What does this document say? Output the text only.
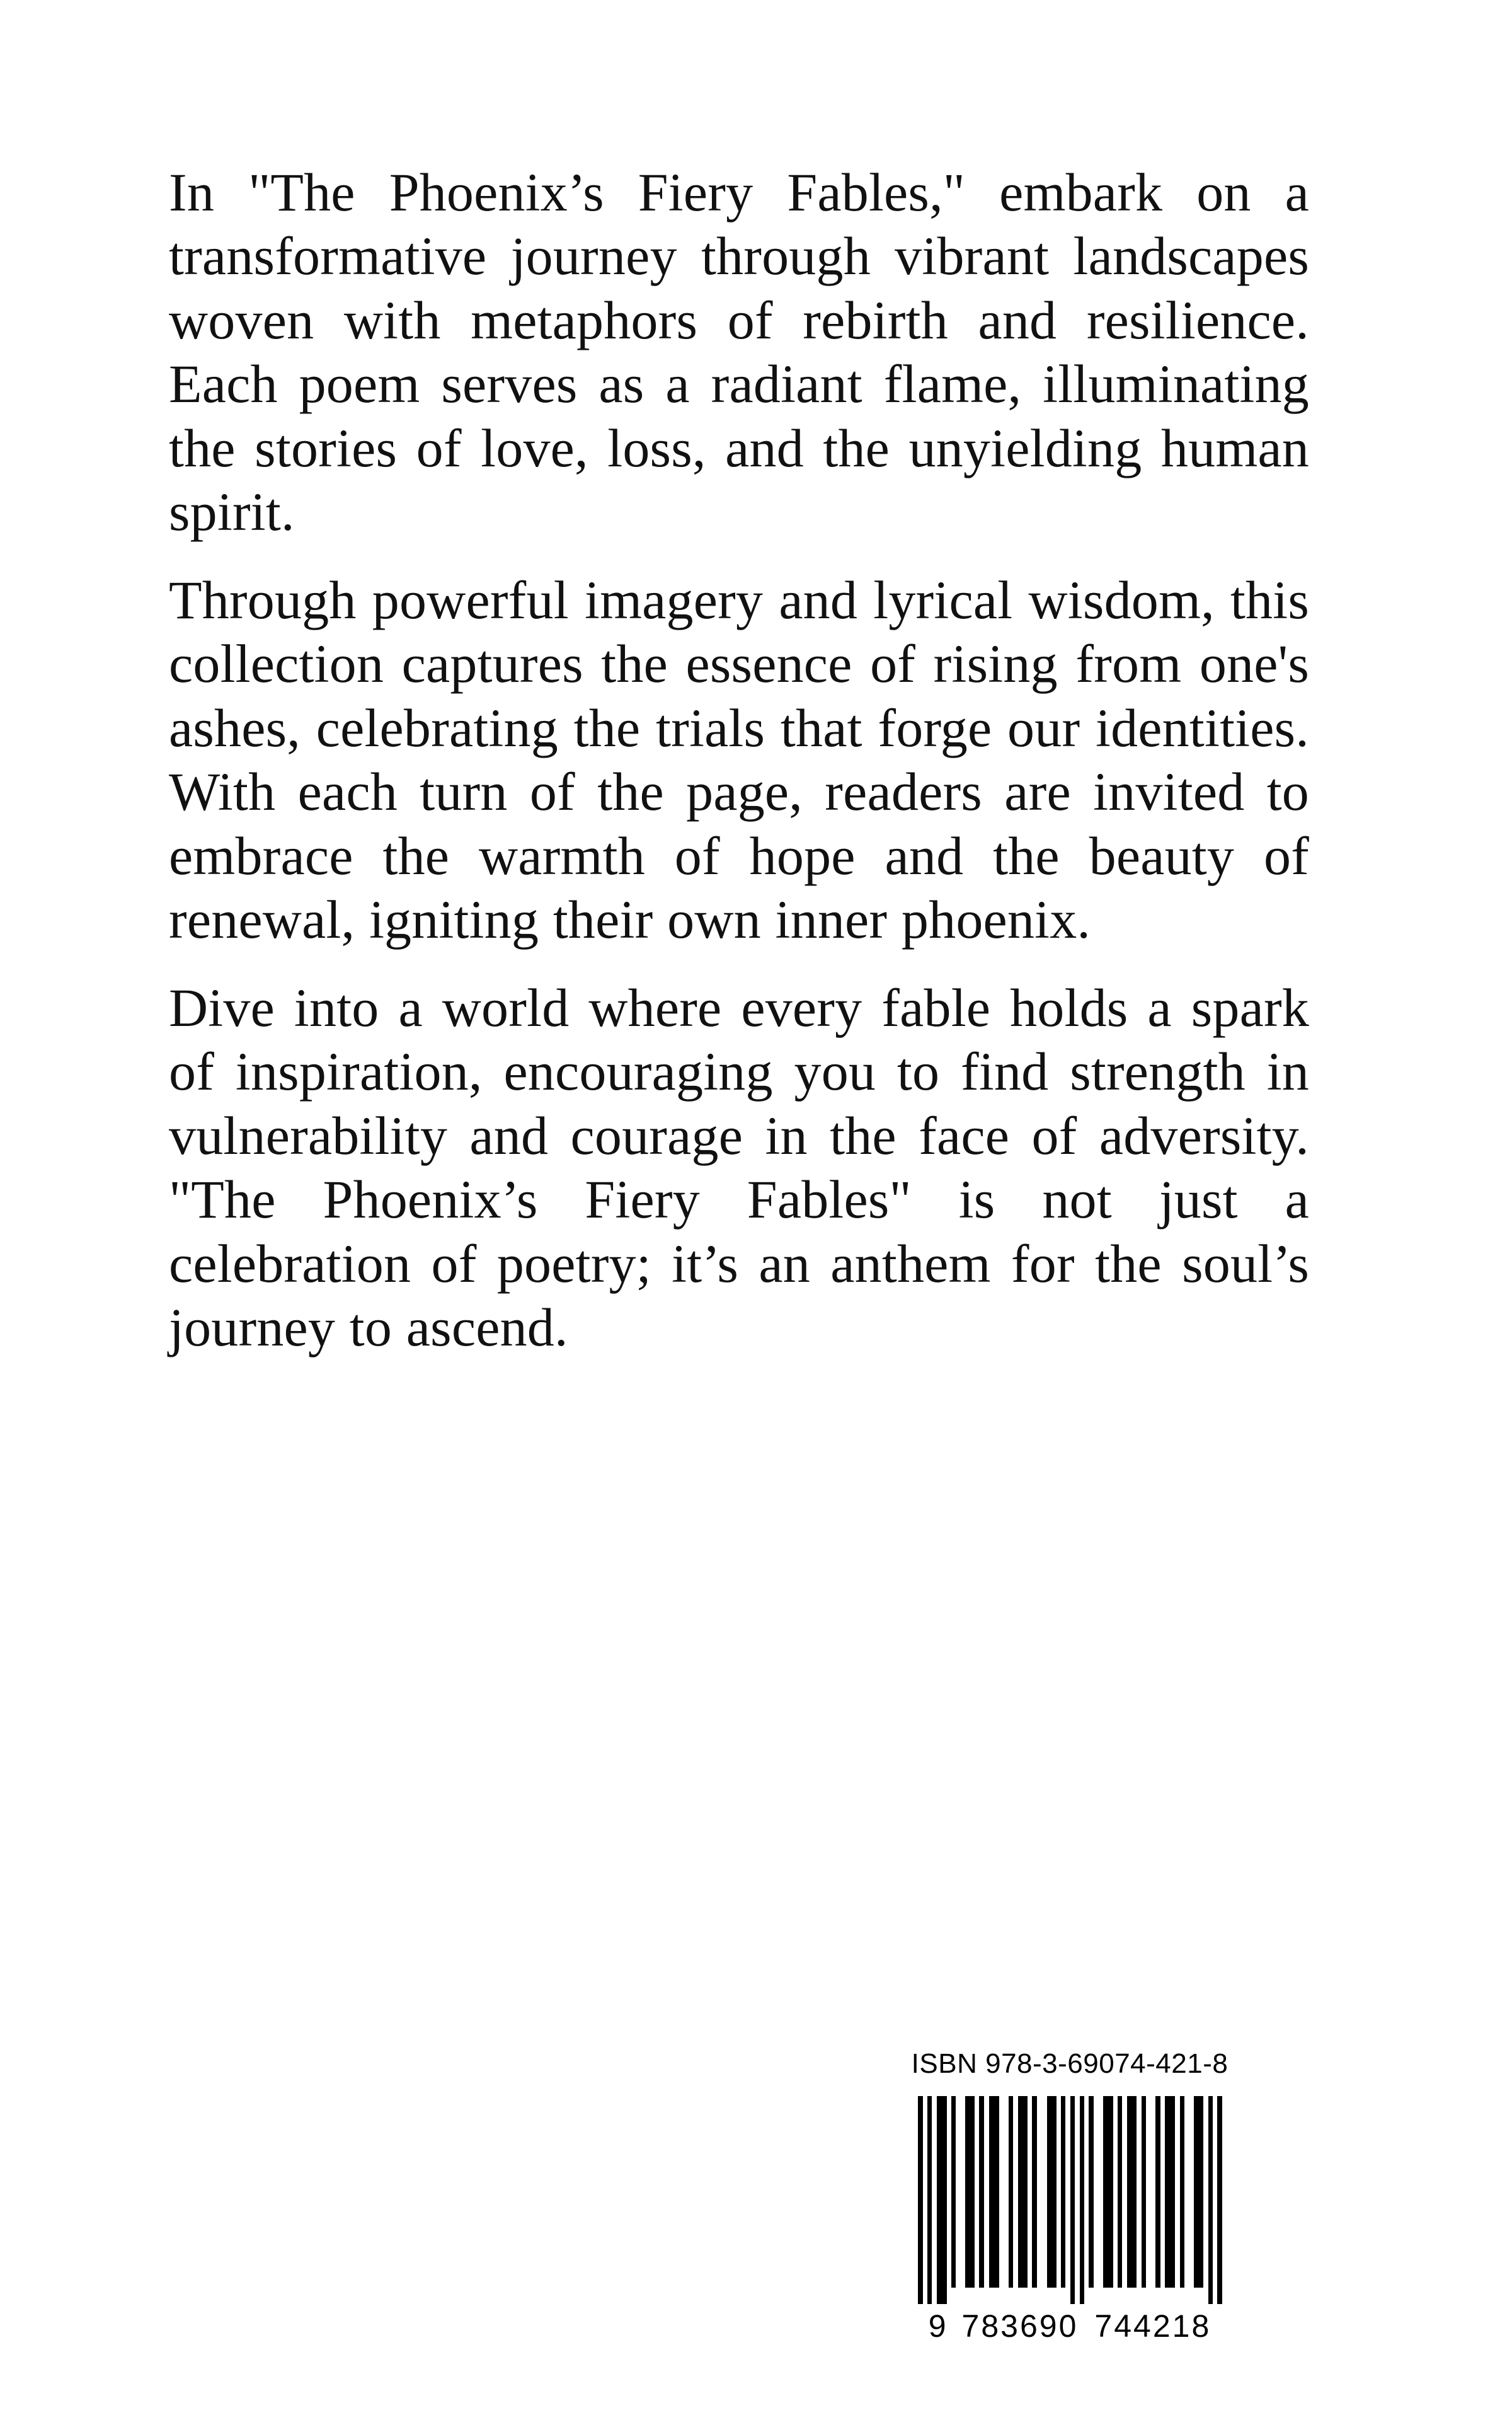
In "The Phoenix’s Fiery Fables," embark on a transformative journey through vibrant landscapes woven with metaphors of rebirth and resilience. Each poem serves as a radiant flame, illuminating the stories of love, loss, and the unyielding human spirit.

Through powerful imagery and lyrical wisdom, this collection captures the essence of rising from one's ashes, celebrating the trials that forge our identities. With each turn of the page, readers are invited to embrace the warmth of hope and the beauty of renewal, igniting their own inner phoenix.

Dive into a world where every fable holds a spark of inspiration, encouraging you to find strength in vulnerability and courage in the face of adversity. "The Phoenix’s Fiery Fables" is not just a celebration of poetry; it’s an anthem for the soul’s journey to ascend.

ISBN 978-3-69074-421-8
9 783690 744218
